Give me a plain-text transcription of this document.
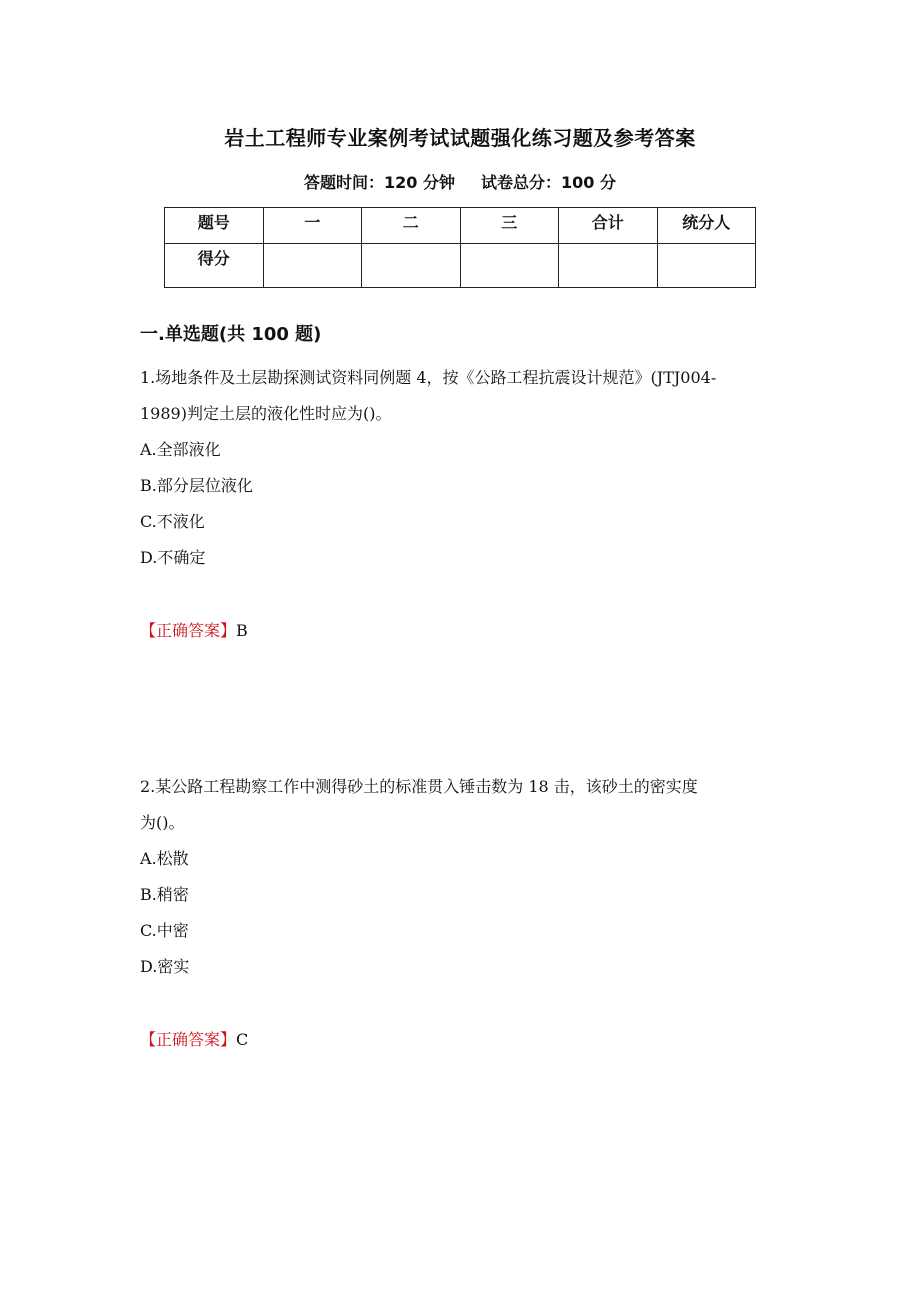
岩土工程师专业案例考试试题强化练习题及参考答案
答题时间：120 分钟 试卷总分：100 分
题号	一	二	三	合计	统分人
得分					
一.单选题(共 100 题)

1.场地条件及土层勘探测试资料同例题 4，按《公路工程抗震设计规范》(JTJ004-

1989)判定土层的液化性时应为()。

A.全部液化

B.部分层位液化

C.不液化

D.不确定

【正确答案】B

2.某公路工程勘察工作中测得砂土的标准贯入锤击数为 18 击，该砂土的密实度

为()。

A.松散

B.稍密

C.中密

D.密实

【正确答案】C
